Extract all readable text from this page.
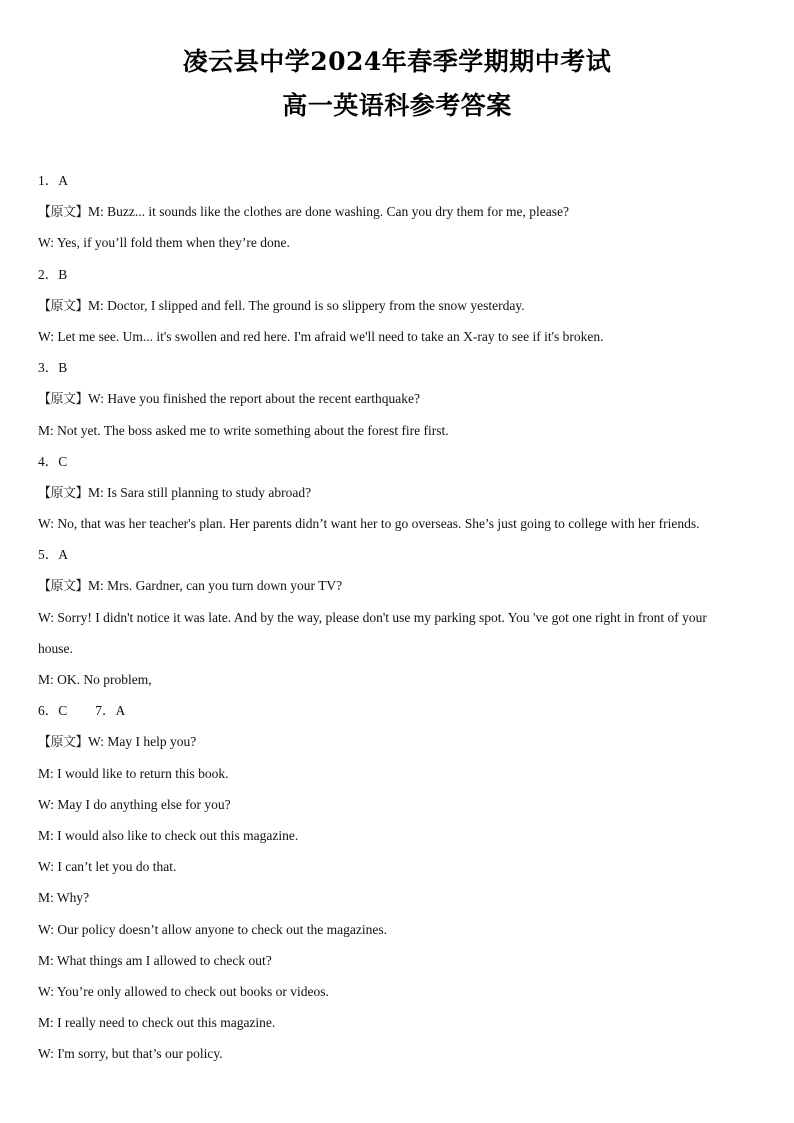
凌云县中学2024年春季学期期中考试
高一英语科参考答案
1．A
【原文】M: Buzz... it sounds like the clothes are done washing. Can you dry them for me, please?
W: Yes, if you’ll fold them when they’re done.
2．B
【原文】M: Doctor, I slipped and fell. The ground is so slippery from the snow yesterday.
W: Let me see. Um... it's swollen and red here. I'm afraid we'll need to take an X-ray to see if it's broken.
3．B
【原文】W: Have you finished the report about the recent earthquake?
M: Not yet. The boss asked me to write something about the forest fire first.
4．C
【原文】M: Is Sara still planning to study abroad?
W: No, that was her teacher's plan. Her parents didn’t want her to go overseas. She’s just going to college with her friends.
5．A
【原文】M: Mrs. Gardner, can you turn down your TV?
W: Sorry! I didn't notice it was late. And by the way, please don't use my parking spot. You 've got one right in front of your
house.
M: OK. No problem,
6．C 7．A
【原文】W: May I help you?
M: I would like to return this book.
W: May I do anything else for you?
M: I would also like to check out this magazine.
W: I can’t let you do that.
M: Why?
W: Our policy doesn’t allow anyone to check out the magazines.
M: What things am I allowed to check out?
W: You’re only allowed to check out books or videos.
M: I really need to check out this magazine.
W: I'm sorry, but that’s our policy.
